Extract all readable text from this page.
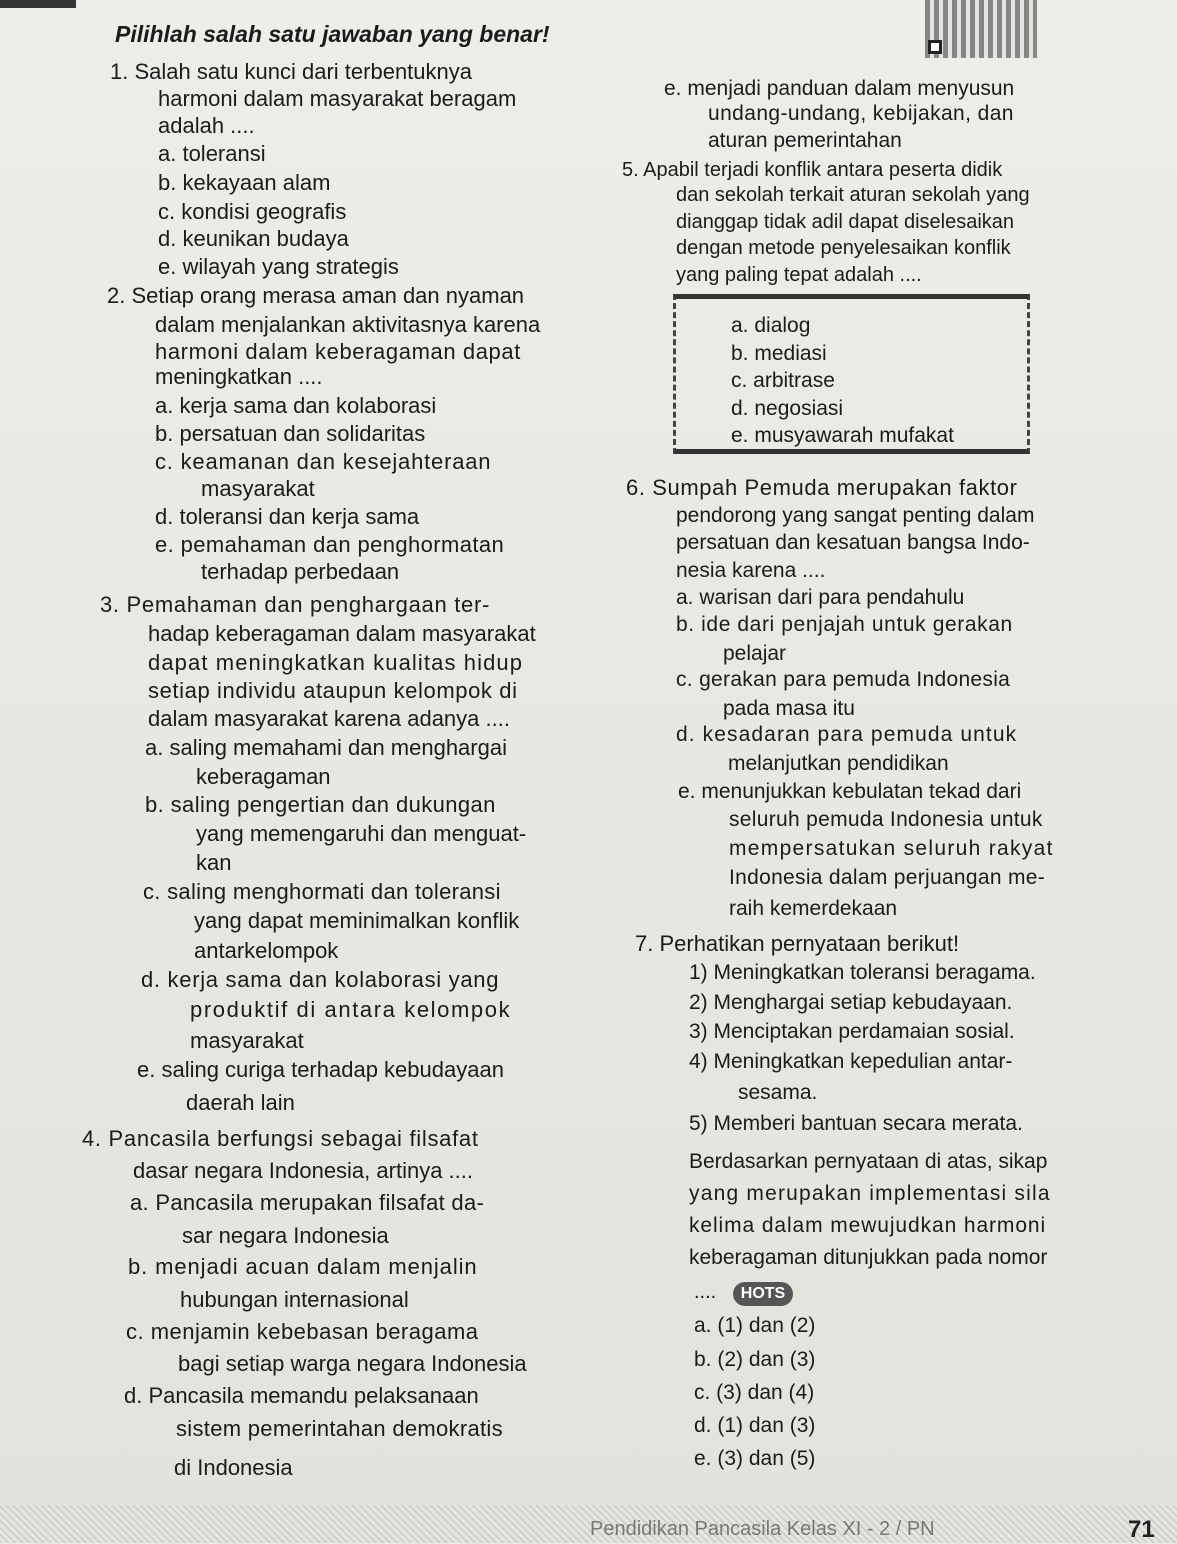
Pilihlah salah satu jawaban yang benar!
1. Salah satu kunci dari terbentuknya
harmoni dalam masyarakat beragam
adalah ....
a. toleransi
b. kekayaan alam
c. kondisi geografis
d. keunikan budaya
e. wilayah yang strategis
2. Setiap orang merasa aman dan nyaman
dalam menjalankan aktivitasnya karena
harmoni dalam keberagaman dapat
meningkatkan ....
a. kerja sama dan kolaborasi
b. persatuan dan solidaritas
c. keamanan dan kesejahteraan
masyarakat
d. toleransi dan kerja sama
e. pemahaman dan penghormatan
terhadap perbedaan
3. Pemahaman dan penghargaan ter-
hadap keberagaman dalam masyarakat
dapat meningkatkan kualitas hidup
setiap individu ataupun kelompok di
dalam masyarakat karena adanya ....
a. saling memahami dan menghargai
keberagaman
b. saling pengertian dan dukungan
yang memengaruhi dan menguat-
kan
c. saling menghormati dan toleransi
yang dapat meminimalkan konflik
antarkelompok
d. kerja sama dan kolaborasi yang
produktif di antara kelompok
masyarakat
e. saling curiga terhadap kebudayaan
daerah lain
4. Pancasila berfungsi sebagai filsafat
dasar negara Indonesia, artinya ....
a. Pancasila merupakan filsafat da-
sar negara Indonesia
b. menjadi acuan dalam menjalin
hubungan internasional
c. menjamin kebebasan beragama
bagi setiap warga negara Indonesia
d. Pancasila memandu pelaksanaan
sistem pemerintahan demokratis
di Indonesia
e. menjadi panduan dalam menyusun
undang-undang, kebijakan, dan
aturan pemerintahan
5. Apabil terjadi konflik antara peserta didik
dan sekolah terkait aturan sekolah yang
dianggap tidak adil dapat diselesaikan
dengan metode penyelesaikan konflik
yang paling tepat adalah ....
a. dialog
b. mediasi
c. arbitrase
d. negosiasi
e. musyawarah mufakat
6. Sumpah Pemuda merupakan faktor
pendorong yang sangat penting dalam
persatuan dan kesatuan bangsa Indo-
nesia karena ....
a. warisan dari para pendahulu
b. ide dari penjajah untuk gerakan
pelajar
c. gerakan para pemuda Indonesia
pada masa itu
d. kesadaran para pemuda untuk
melanjutkan pendidikan
e. menunjukkan kebulatan tekad dari
seluruh pemuda Indonesia untuk
mempersatukan seluruh rakyat
Indonesia dalam perjuangan me-
raih kemerdekaan
7. Perhatikan pernyataan berikut!
1) Meningkatkan toleransi beragama.
2) Menghargai setiap kebudayaan.
3) Menciptakan perdamaian sosial.
4) Meningkatkan kepedulian antar-
sesama.
5) Memberi bantuan secara merata.
Berdasarkan pernyataan di atas, sikap
yang merupakan implementasi sila
kelima dalam mewujudkan harmoni
keberagaman ditunjukkan pada nomor
....	HOTS
a. (1) dan (2)
b. (2) dan (3)
c. (3) dan (4)
d. (1) dan (3)
e. (3) dan (5)
Pendidikan Pancasila Kelas XI - 2 / PN	71
